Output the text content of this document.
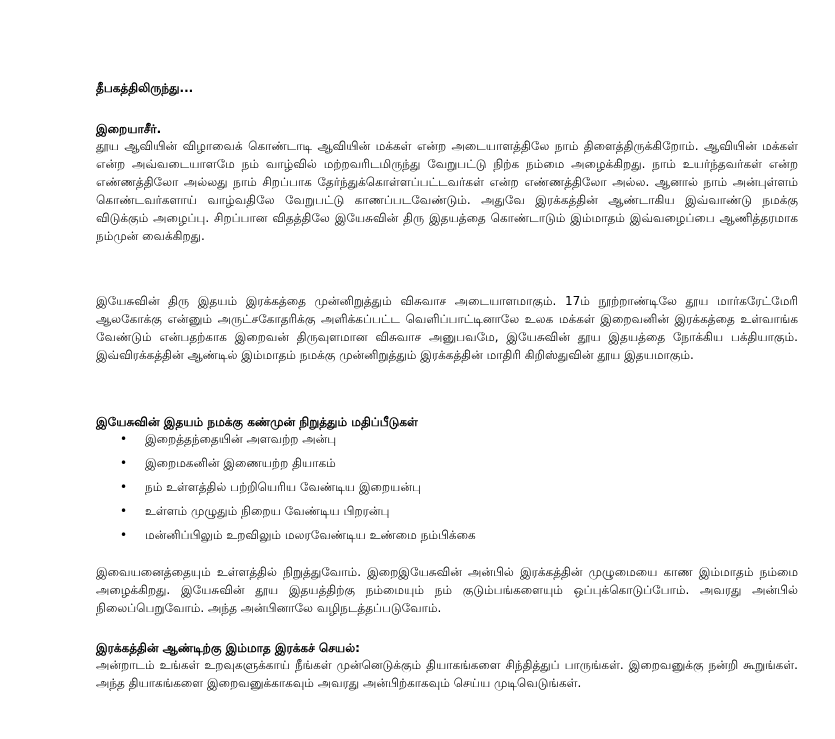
தீபகத்திலிருந்து...

இறையாசீர்.

தூய ஆவியின் விழாவைக் கொண்டாடி ஆவியின் மக்கள் என்ற அடையாளத்திலே நாம் திளைத்திருக்கிறோம். ஆவியின் மக்கள் என்ற அவ்வடையாளமே நம் வாழ்வில் மற்றவரிடமிருந்து வேறுபட்டு நிற்க நம்மை அழைக்கிறது. நாம் உயர்ந்தவர்கள் என்ற எண்ணத்திலோ அல்லது நாம் சிறப்பாக தேர்ந்துக்கொள்ளப்பட்டவர்கள் என்ற எண்ணத்திலோ அல்ல. ஆனால் நாம் அன்புள்ளம் கொண்டவர்களாய் வாழ்வதிலே வேறுபட்டு காணப்படவேண்டும். அதுவே இரக்கத்தின் ஆண்டாகிய இவ்வாண்டு நமக்கு விடுக்கும் அழைப்பு. சிறப்பான விதத்திலே இயேசுவின் திரு இதயத்தை கொண்டாடும் இம்மாதம் இவ்வழைப்பை ஆணித்தரமாக நம்முன் வைக்கிறது.

இயேசுவின் திரு இதயம் இரக்கத்தை முன்னிறுத்தும் விசுவாச அடையாளமாகும். 17ம் நூற்றாண்டிலே தூய மார்கரேட்மேரி ஆலகோக்கு என்னும் அருட்சகோதரிக்கு அளிக்கப்பட்ட வெளிப்பாட்டினாலே உலக மக்கள் இறைவனின் இரக்கத்தை உள்வாங்க வேண்டும் என்பதற்காக இறைவன் திருவுளமான விசுவாச அனுபவமே, இயேசுவின் தூய இதயத்தை நோக்கிய பக்தியாகும். இவ்விரக்கத்தின் ஆண்டில் இம்மாதம் நமக்கு முன்னிறுத்தும் இரக்கத்தின் மாதிரி கிறிஸ்துவின் தூய இதயமாகும்.

இயேசுவின் இதயம் நமக்கு கண்முன் நிறுத்தும் மதிப்பீடுகள்

• இறைத்தந்தையின் அளவற்ற அன்பு
• இறைமகனின் இணையற்ற தியாகம்
• நம் உள்ளத்தில் பற்றியெரிய வேண்டிய இறையன்பு
• உள்ளம் முழுதும் நிறைய வேண்டிய பிறரன்பு
• மன்னிப்பிலும் உறவிலும் மலரவேண்டிய உண்மை நம்பிக்கை

இவையனைத்தையும் உள்ளத்தில் நிறுத்துவோம். இறைஇயேசுவின் அன்பில் இரக்கத்தின் முழுமையை காண இம்மாதம் நம்மை அழைக்கிறது. இயேசுவின் தூய இதயத்திற்கு நம்மையும் நம் குடும்பங்களையும் ஒப்புக்கொடுப்போம். அவரது அன்பில் நிலைப்பெறுவோம். அந்த அன்பினாலே வழிநடத்தப்படுவோம்.

இரக்கத்தின் ஆண்டிற்கு இம்மாத இரக்கச் செயல்:

அன்றாடம் உங்கள் உறவுகளுக்காய் நீங்கள் முன்னெடுக்கும் தியாகங்களை சிந்தித்துப் பாருங்கள். இறைவனுக்கு நன்றி கூறுங்கள். அந்த தியாகங்களை இறைவனுக்காகவும் அவரது அன்பிற்காகவும் செய்ய முடிவெடுங்கள்.
